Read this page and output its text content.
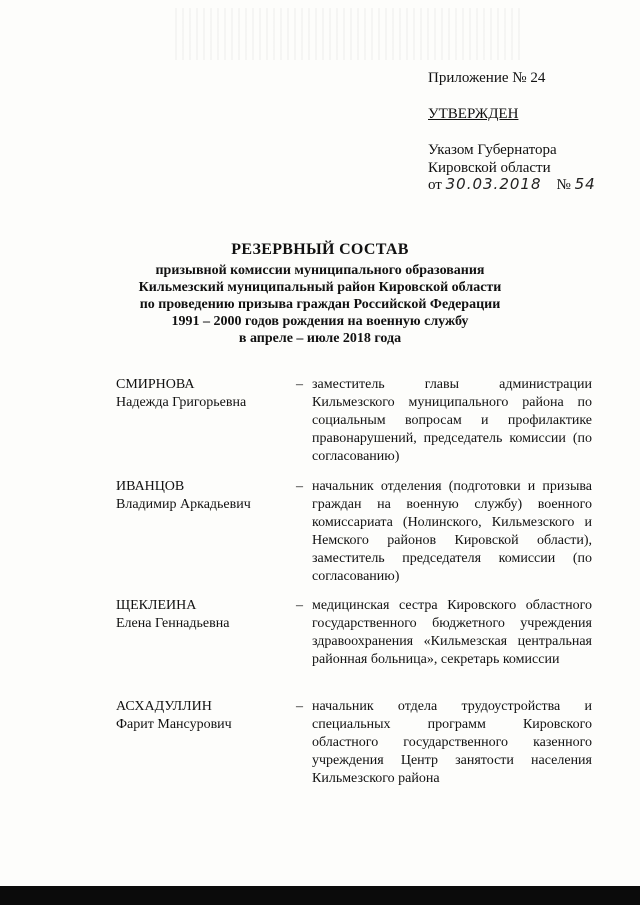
Приложение № 24
УТВЕРЖДЕН
Указом Губернатора
Кировской области
от 30.03.2018 № 54
РЕЗЕРВНЫЙ СОСТАВ
призывной комиссии муниципального образования
Кильмезский муниципальный район Кировской области
по проведению призыва граждан Российской Федерации
1991 – 2000 годов рождения на военную службу
в апреле – июле 2018 года
СМИРНОВА
Надежда Григорьевна
– заместитель главы администрации Кильмезского муниципального района по социальным вопросам и профилактике правонарушений, председатель комиссии (по согласованию)
ИВАНЦОВ
Владимир Аркадьевич
– начальник отделения (подготовки и призыва граждан на военную службу) военного комиссариата (Нолинского, Кильмезского и Немского районов Кировской области), заместитель председателя комиссии (по согласованию)
ЩЕКЛЕИНА
Елена Геннадьевна
– медицинская сестра Кировского областного государственного бюджетного учреждения здравоохранения «Кильмезская центральная районная больница», секретарь комиссии
АСХАДУЛЛИН
Фарит Мансурович
– начальник отдела трудоустройства и специальных программ Кировского областного государственного казенного учреждения Центр занятости населения Кильмезского района
